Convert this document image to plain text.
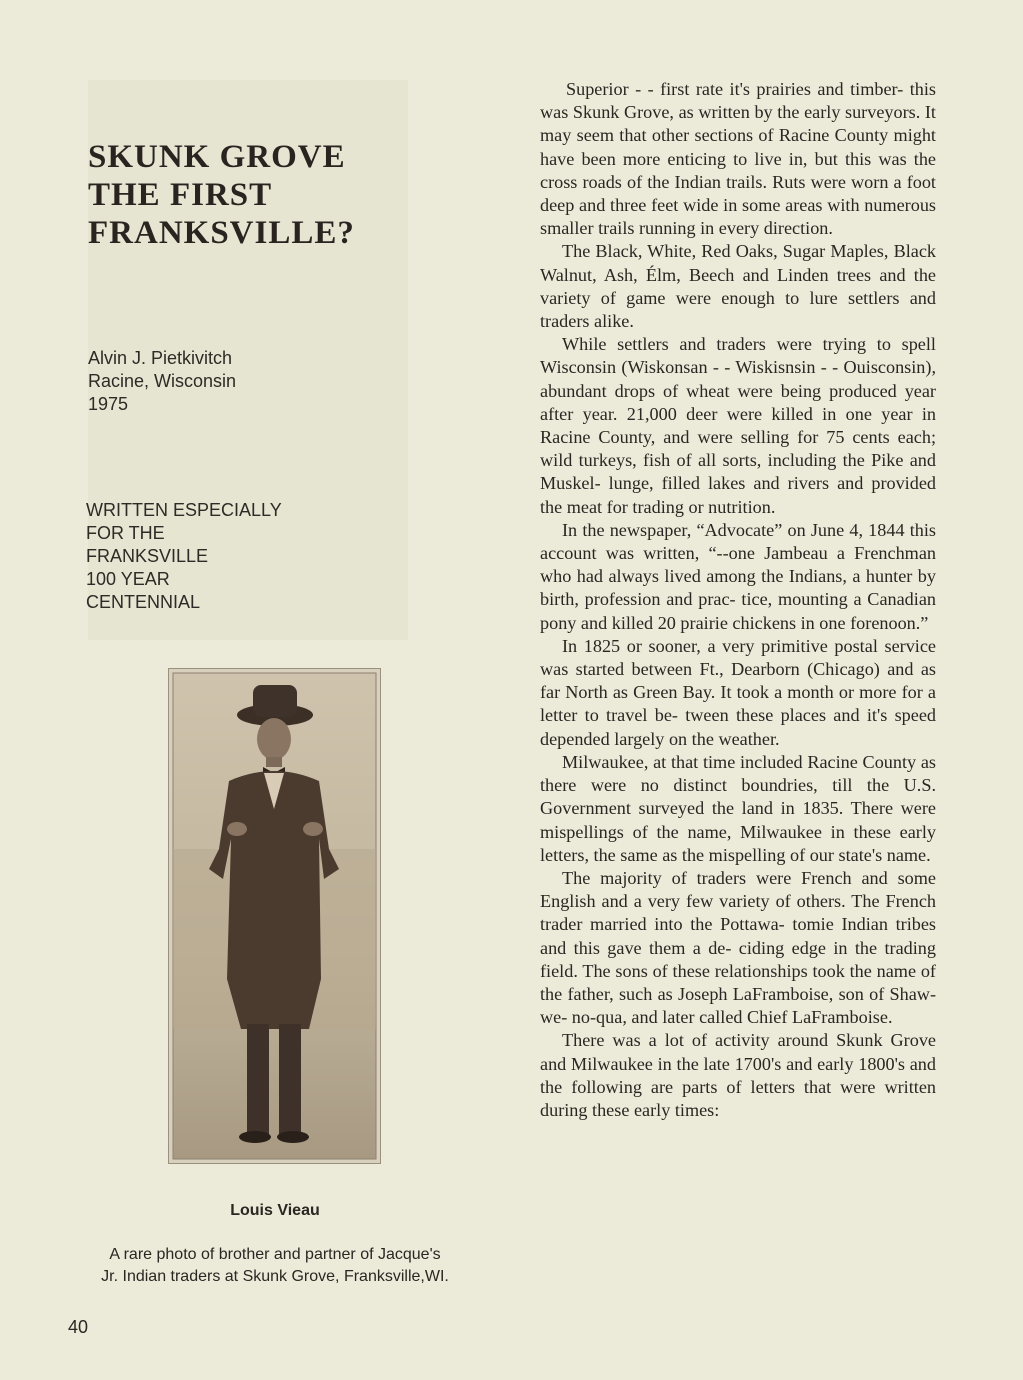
SKUNK GROVE
THE FIRST
FRANKSVILLE?
Alvin J. Pietkivitch
Racine, Wisconsin
1975
WRITTEN ESPECIALLY
FOR THE
FRANKSVILLE
100 YEAR
CENTENNIAL
Louis Vieau
A rare photo of brother and partner of Jacque's
Jr. Indian traders at Skunk Grove, Franksville,WI.
40

Superior - - first rate it's prairies and timber- this was Skunk Grove, as written by the early surveyors. It may seem that other sections of Racine County might have been more enticing to live in, but this was the cross roads of the Indian trails. Ruts were worn a foot deep and three feet wide in some areas with numerous smaller trails running in every direction.

The Black, White, Red Oaks, Sugar Maples, Black Walnut, Ash, Élm, Beech and Linden trees and the variety of game were enough to lure settlers and traders alike.

While settlers and traders were trying to spell Wisconsin (Wiskonsan - - Wiskisnsin - - Ouisconsin), abundant drops of wheat were being produced year after year. 21,000 deer were killed in one year in Racine County, and were selling for 75 cents each; wild turkeys, fish of all sorts, including the Pike and Muskel- lunge, filled lakes and rivers and provided the meat for trading or nutrition.

In the newspaper, “Advocate” on June 4, 1844 this account was written, “--one Jambeau a Frenchman who had always lived among the Indians, a hunter by birth, profession and prac- tice, mounting a Canadian pony and killed 20 prairie chickens in one forenoon.”

In 1825 or sooner, a very primitive postal service was started between Ft., Dearborn (Chicago) and as far North as Green Bay. It took a month or more for a letter to travel be- tween these places and it's speed depended largely on the weather.

Milwaukee, at that time included Racine County as there were no distinct boundries, till the U.S. Government surveyed the land in 1835. There were mispellings of the name, Milwaukee in these early letters, the same as the mispelling of our state's name.

The majority of traders were French and some English and a very few variety of others. The French trader married into the Pottawa- tomie Indian tribes and this gave them a de- ciding edge in the trading field. The sons of these relationships took the name of the father, such as Joseph LaFramboise, son of Shaw-we- no-qua, and later called Chief LaFramboise.

There was a lot of activity around Skunk Grove and Milwaukee in the late 1700's and early 1800's and the following are parts of letters that were written during these early times:
